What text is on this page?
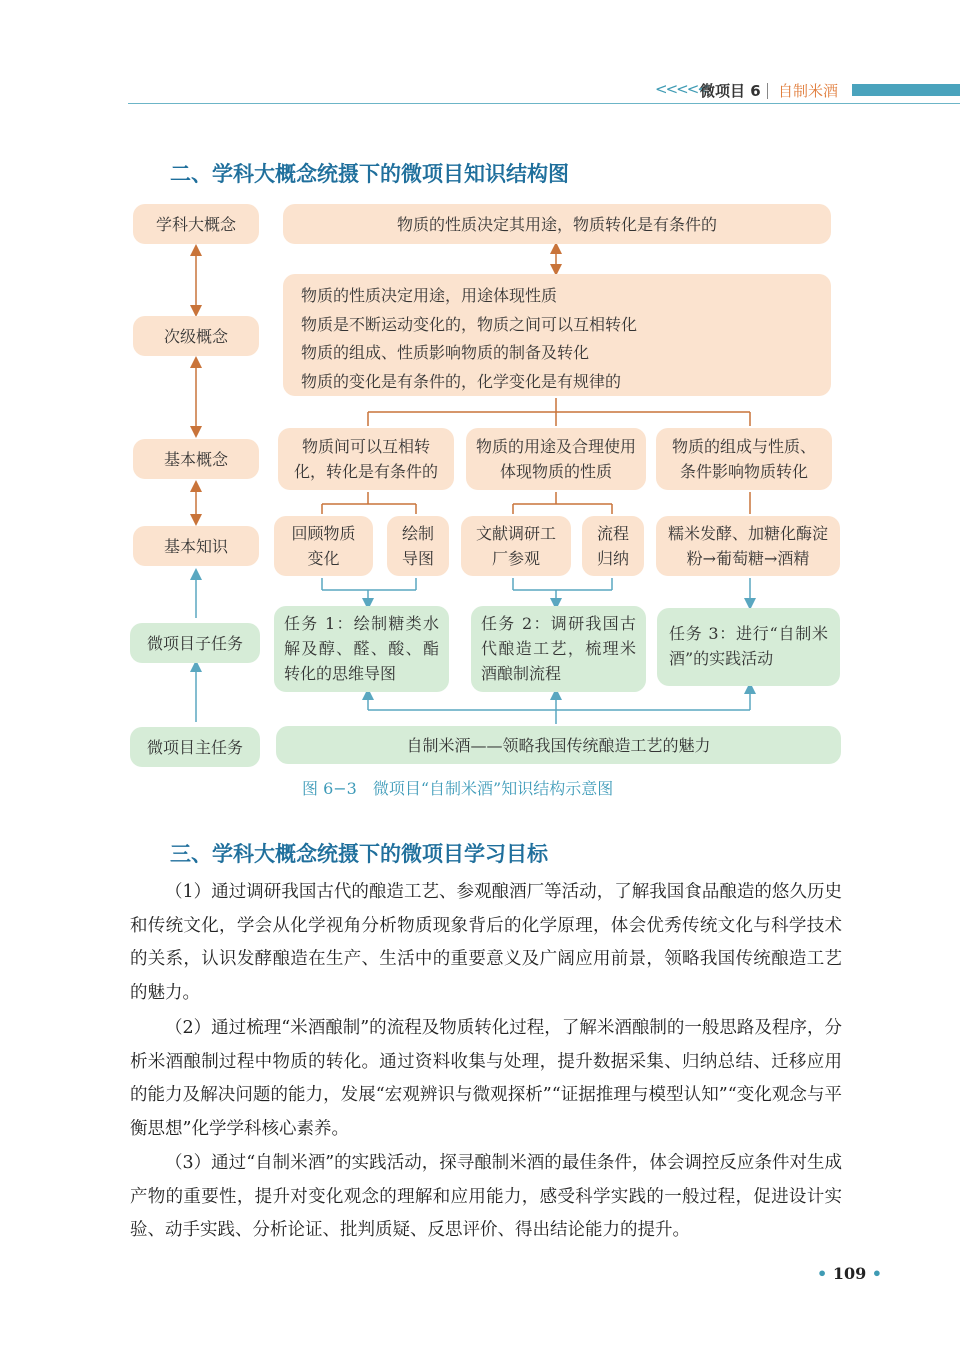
<<<<<
微项目 6 自制米酒
二、学科大概念统摄下的微项目知识结构图
学科大概念
次级概念
基本概念
基本知识
微项目子任务
微项目主任务
物质的性质决定其用途，物质转化是有条件的
物质的性质决定用途，用途体现性质
物质是不断运动变化的，物质之间可以互相转化
物质的组成、性质影响物质的制备及转化
物质的变化是有条件的，化学变化是有规律的
物质间可以互相转化，转化是有条件的
物质的用途及合理使用体现物质的性质
物质的组成与性质、条件影响物质转化
回顾物质变化
绘制导图
文献调研工厂参观
流程归纳
糯米发酵、加糖化酶淀粉→葡萄糖→酒精
任务 1：绘制糖类水解及醇、醛、酸、酯转化的思维导图
任务 2：调研我国古代酿造工艺，梳理米酒酿制流程
任务 3：进行“自制米酒”的实践活动
自制米酒——领略我国传统酿造工艺的魅力
图 6−3　微项目“自制米酒”知识结构示意图
三、学科大概念统摄下的微项目学习目标

（1）通过调研我国古代的酿造工艺、参观酿酒厂等活动，了解我国食品酿造的悠久历史和传统文化，学会从化学视角分析物质现象背后的化学原理，体会优秀传统文化与科学技术的关系，认识发酵酿造在生产、生活中的重要意义及广阔应用前景，领略我国传统酿造工艺的魅力。

（2）通过梳理“米酒酿制”的流程及物质转化过程，了解米酒酿制的一般思路及程序，分析米酒酿制过程中物质的转化。通过资料收集与处理，提升数据采集、归纳总结、迁移应用的能力及解决问题的能力，发展“宏观辨识与微观探析”“证据推理与模型认知”“变化观念与平衡思想”化学学科核心素养。

（3）通过“自制米酒”的实践活动，探寻酿制米酒的最佳条件，体会调控反应条件对生成产物的重要性，提升对变化观念的理解和应用能力，感受科学实践的一般过程，促进设计实验、动手实践、分析论证、批判质疑、反思评价、得出结论能力的提升。

• 109 •
